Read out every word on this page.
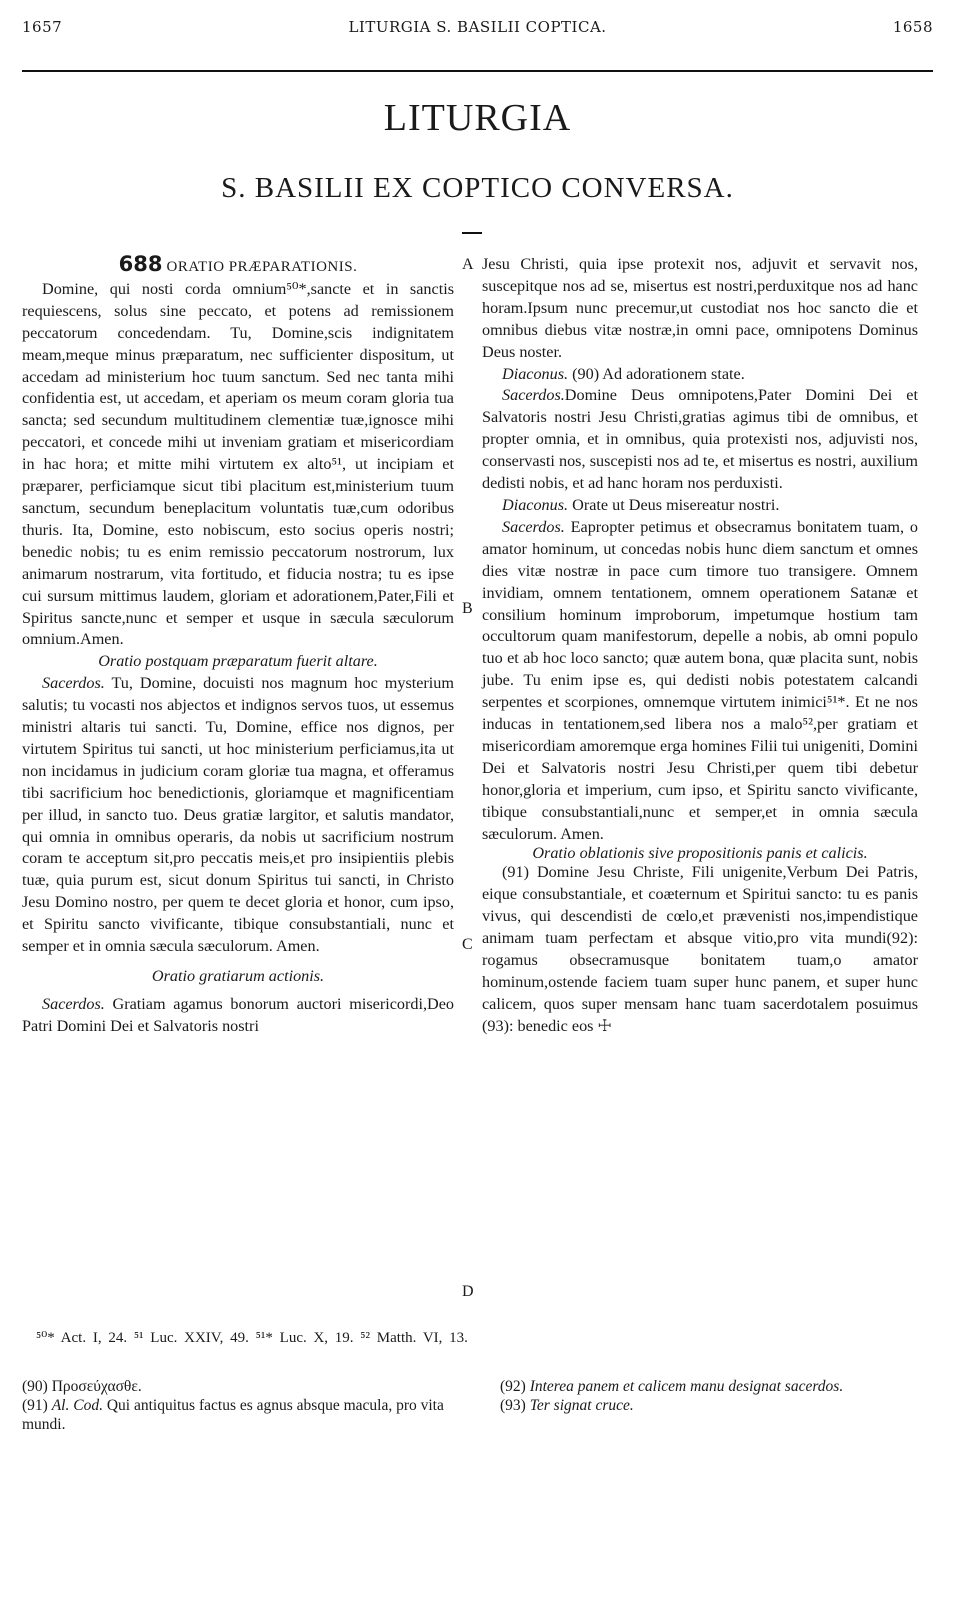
1657	LITURGIA S. BASILII COPTICA.	1658
LITURGIA
S. BASILII EX COPTICO CONVERSA.

688 ORATIO PRÆPARATIONIS.

Domine, qui nosti corda omnium⁵⁰*,sancte et in sanctis requiescens, solus sine peccato, et potens ad remissionem peccatorum concedendam. Tu, Domine,scis indignitatem meam,meque minus præparatum, nec sufficienter dispositum, ut accedam ad ministerium hoc tuum sanctum. Sed nec tanta mihi confidentia est, ut accedam, et aperiam os meum coram gloria tua sancta; sed secundum multitudinem clementiæ tuæ,ignosce mihi peccatori, et concede mihi ut inveniam gratiam et misericordiam in hac hora; et mitte mihi virtutem ex alto⁵¹, ut incipiam et præparer, perficiamque sicut tibi placitum est,ministerium tuum sanctum, secundum beneplacitum voluntatis tuæ,cum odoribus thuris. Ita, Domine, esto nobiscum, esto socius operis nostri; benedic nobis; tu es enim remissio peccatorum nostrorum, lux animarum nostrarum, vita fortitudo, et fiducia nostra; tu es ipse cui sursum mittimus laudem, gloriam et adorationem,Pater,Fili et Spiritus sancte,nunc et semper et usque in sæcula sæculorum omnium.Amen.

Oratio postquam præparatum fuerit altare.

Sacerdos. Tu, Domine, docuisti nos magnum hoc mysterium salutis; tu vocasti nos abjectos et indignos servos tuos, ut essemus ministri altaris tui sancti. Tu, Domine, effice nos dignos, per virtutem Spiritus tui sancti, ut hoc ministerium perficiamus,ita ut non incidamus in judicium coram gloriæ tua magna, et offeramus tibi sacrificium hoc benedictionis, gloriamque et magnificentiam per illud, in sancto tuo. Deus gratiæ largitor, et salutis mandator, qui omnia in omnibus operaris, da nobis ut sacrificium nostrum coram te acceptum sit,pro peccatis meis,et pro insipientiis plebis tuæ, quia purum est, sicut donum Spiritus tui sancti, in Christo Jesu Domino nostro, per quem te decet gloria et honor, cum ipso, et Spiritu sancto vivificante, tibique consubstantiali, nunc et semper et in omnia sæcula sæculorum. Amen.

Oratio gratiarum actionis.

Sacerdos. Gratiam agamus bonorum auctori misericordi,Deo Patri Domini Dei et Salvatoris nostri

Jesu Christi, quia ipse protexit nos, adjuvit et servavit nos, suscepitque nos ad se, misertus est nostri,perduxitque nos ad hanc horam.Ipsum nunc precemur,ut custodiat nos hoc sancto die et omnibus diebus vitæ nostræ,in omni pace, omnipotens Dominus Deus noster.

Diaconus. (90) Ad adorationem state.

Sacerdos.Domine Deus omnipotens,Pater Domini Dei et Salvatoris nostri Jesu Christi,gratias agimus tibi de omnibus, et propter omnia, et in omnibus, quia protexisti nos, adjuvisti nos, conservasti nos, suscepisti nos ad te, et misertus es nostri, auxilium dedisti nobis, et ad hanc horam nos perduxisti.

Diaconus. Orate ut Deus misereatur nostri.

Sacerdos. Eapropter petimus et obsecramus bonitatem tuam, o amator hominum, ut concedas nobis hunc diem sanctum et omnes dies vitæ nostræ in pace cum timore tuo transigere. Omnem invidiam, omnem tentationem, omnem operationem Satanæ et consilium hominum improborum, impetumque hostium tam occultorum quam manifestorum, depelle a nobis, ab omni populo tuo et ab hoc loco sancto; quæ autem bona, quæ placita sunt, nobis jube. Tu enim ipse es, qui dedisti nobis potestatem calcandi serpentes et scorpiones, omnemque virtutem inimici⁵¹*. Et ne nos inducas in tentationem,sed libera nos a malo⁵²,per gratiam et misericordiam amoremque erga homines Filii tui unigeniti, Domini Dei et Salvatoris nostri Jesu Christi,per quem tibi debetur honor,gloria et imperium, cum ipso, et Spiritu sancto vivificante, tibique consubstantiali,nunc et semper,et in omnia sæcula sæculorum. Amen.

Oratio oblationis sive propositionis panis et calicis.

(91) Domine Jesu Christe, Fili unigenite,Verbum Dei Patris, eique consubstantiale, et coæternum et Spiritui sancto: tu es panis vivus, qui descendisti de cœlo,et prævenisti nos,impendistique animam tuam perfectam et absque vitio,pro vita mundi(92): rogamus obsecramusque bonitatem tuam,o amator hominum,ostende faciem tuam super hunc panem, et super hunc calicem, quos super mensam hanc tuam sacerdotalem posuimus (93): benedic eos ☩

A
B
C
D
⁵⁰* Act. I, 24. ⁵¹ Luc. XXIV, 49. ⁵¹* Luc. X, 19. ⁵² Matth. VI, 13.
(90) Προσεύχασθε.
(91) Al. Cod. Qui antiquitus factus es agnus absque macula, pro vita mundi.
(92) Interea panem et calicem manu designat sacerdos.
(93) Ter signat cruce.
